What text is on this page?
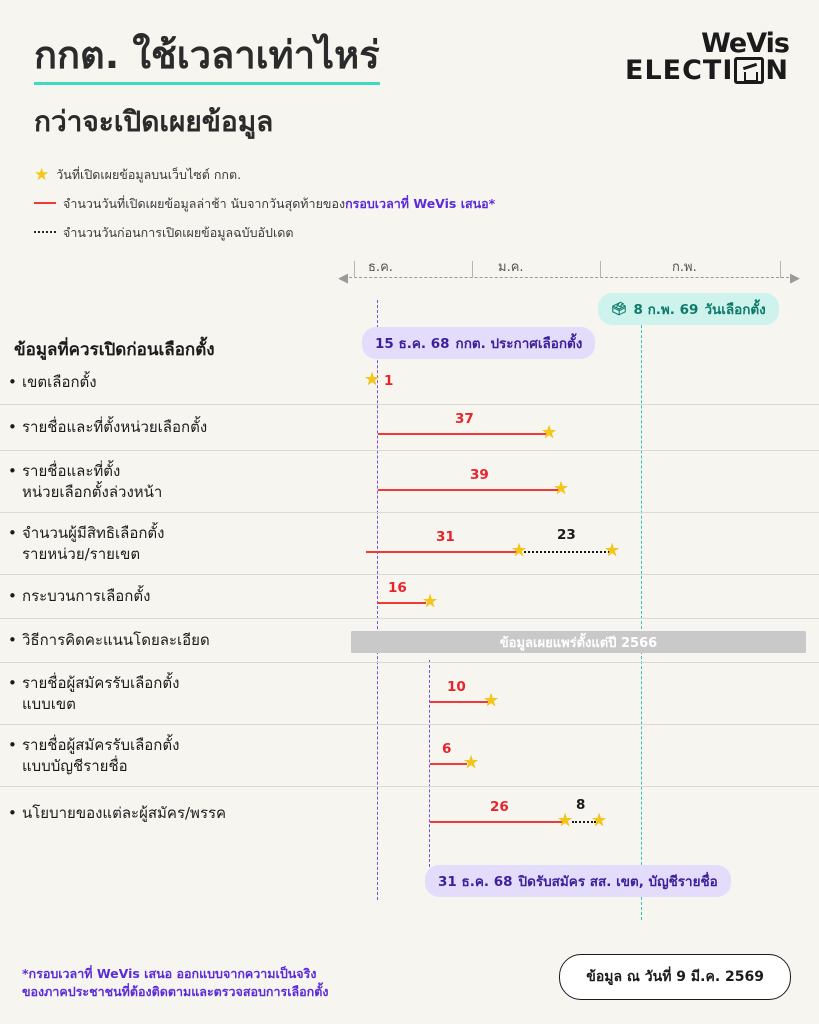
กกต. ใช้เวลาเท่าไหร่
กว่าจะเปิดเผยข้อมูล
WeVis
ELECTI N
★ วันที่เปิดเผยข้อมูลบนเว็บไซต์ กกต.
จำนวนวันที่เปิดเผยข้อมูลล่าช้า นับจากวันสุดท้ายของ กรอบเวลาที่ WeVis เสนอ*
จำนวนวันก่อนการเปิดเผยข้อมูลฉบับอัปเดต
◀	▶
ธ.ค.	ม.ค.	ก.พ.
🗳 8 ก.พ. 69 วันเลือกตั้ง
15 ธ.ค. 68 กกต. ประกาศเลือกตั้ง
31 ธ.ค. 68 ปิดรับสมัคร สส. เขต, บัญชีรายชื่อ
ข้อมูลที่ควรเปิดก่อนเลือกตั้ง
• เขตเลือกตั้ง	★ 1
• รายชื่อและที่ตั้งหน่วยเลือกตั้ง	★
37
• รายชื่อและที่ตั้ง
หน่วยเลือกตั้งล่วงหน้า	★
39
• จำนวนผู้มีสิทธิเลือกตั้ง
รายหน่วย/รายเขต	★	★
31	23
• กระบวนการเลือกตั้ง	★
16
• วิธีการคิดคะแนนโดยละเอียด	ข้อมูลเผยแพร่ตั้งแต่ปี 2566
• รายชื่อผู้สมัครรับเลือกตั้ง
แบบเขต	★
10
• รายชื่อผู้สมัครรับเลือกตั้ง
แบบบัญชีรายชื่อ	★
6
• นโยบายของแต่ละผู้สมัคร/พรรค	★ ★
26	8
*กรอบเวลาที่ WeVis เสนอ ออกแบบจากความเป็นจริง
ของภาคประชาชนที่ต้องติดตามและตรวจสอบการเลือกตั้ง
ข้อมูล ณ วันที่ 9 มี.ค. 2569
